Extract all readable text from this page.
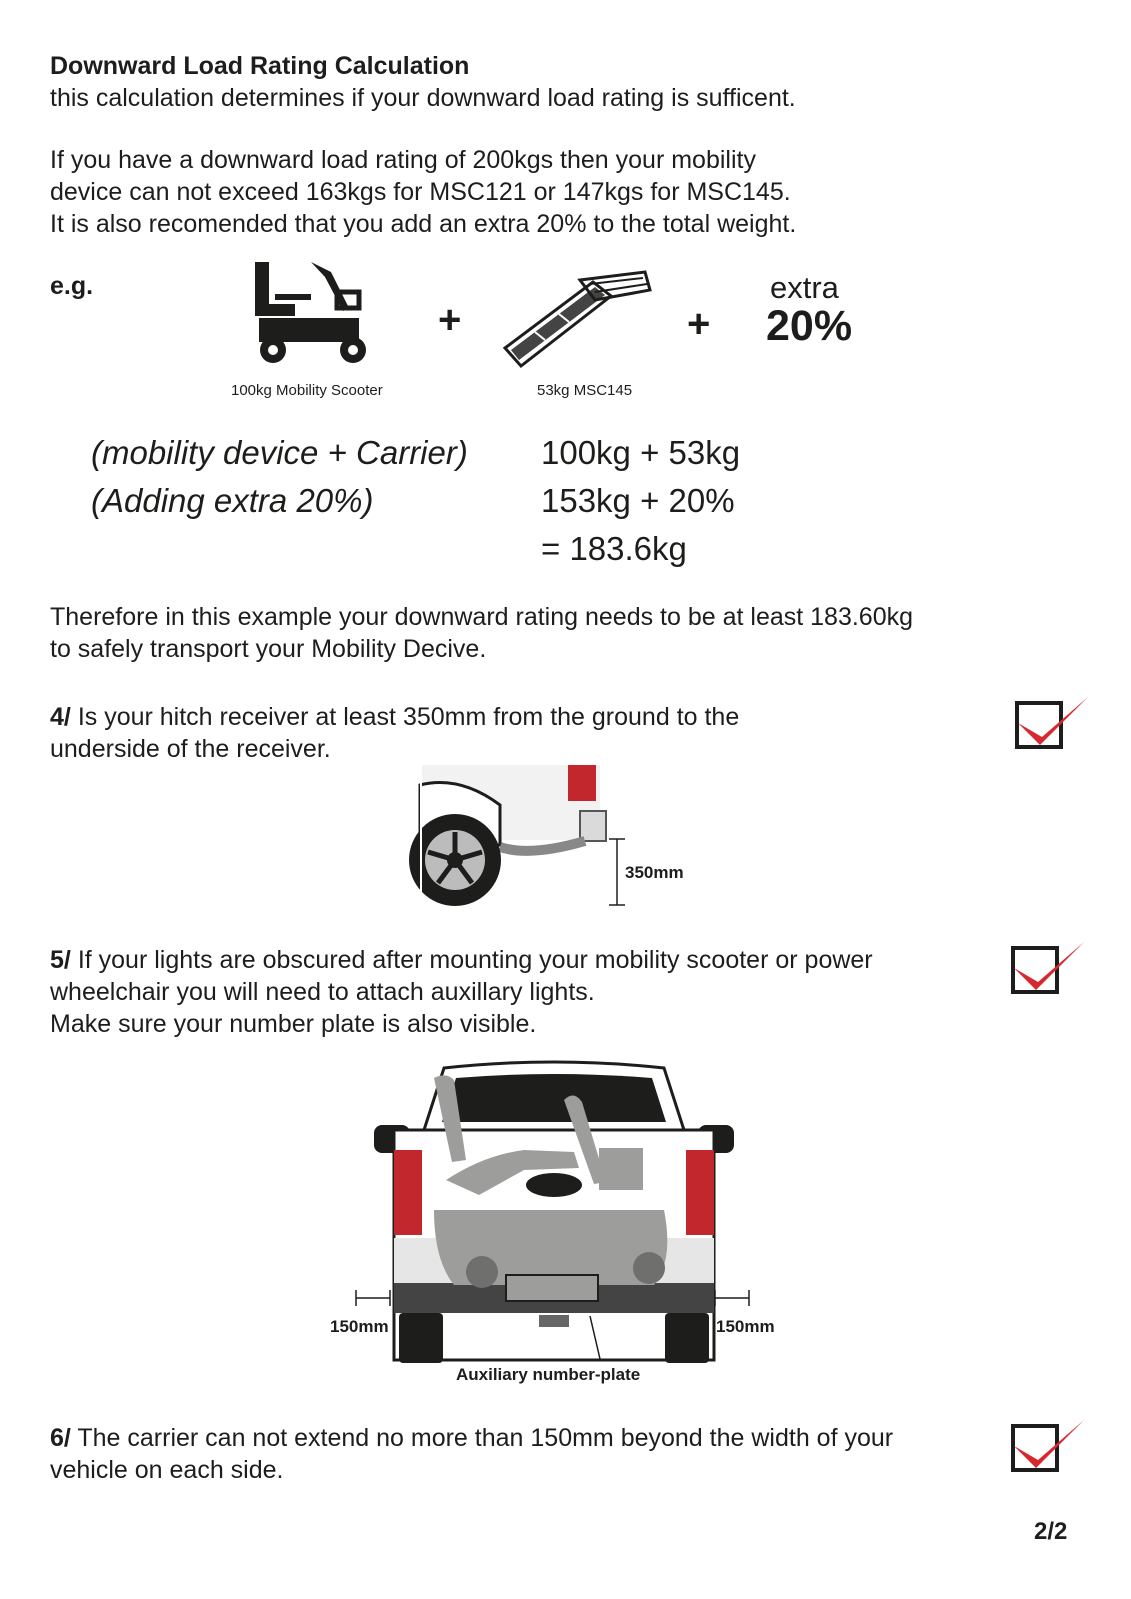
Downward Load Rating Calculation
this calculation determines if your downward load rating is sufficent.
If you have a downward load rating of 200kgs then your mobility
device can not exceed 163kgs for MSC121 or 147kgs for MSC145.
It is also recomended that you add an extra 20% to the total weight.
e.g.
+	+
extra
20%
100kg Mobility Scooter	53kg MSC145
(mobility device + Carrier)
(Adding extra 20%)
100kg + 53kg
153kg + 20%
= 183.6kg
Therefore in this example your downward rating needs to be at least 183.60kg
to safely transport your Mobility Decive.
4/ Is your hitch receiver at least 350mm from the ground to the
underside of the receiver.
350mm
5/ If your lights are obscured after mounting your mobility scooter or power
wheelchair you will need to attach auxillary lights.
Make sure your number plate is also visible.
150mm	150mm
Auxiliary number-plate
6/ The carrier can not extend no more than 150mm beyond the width of your
vehicle on each side.
2/2
